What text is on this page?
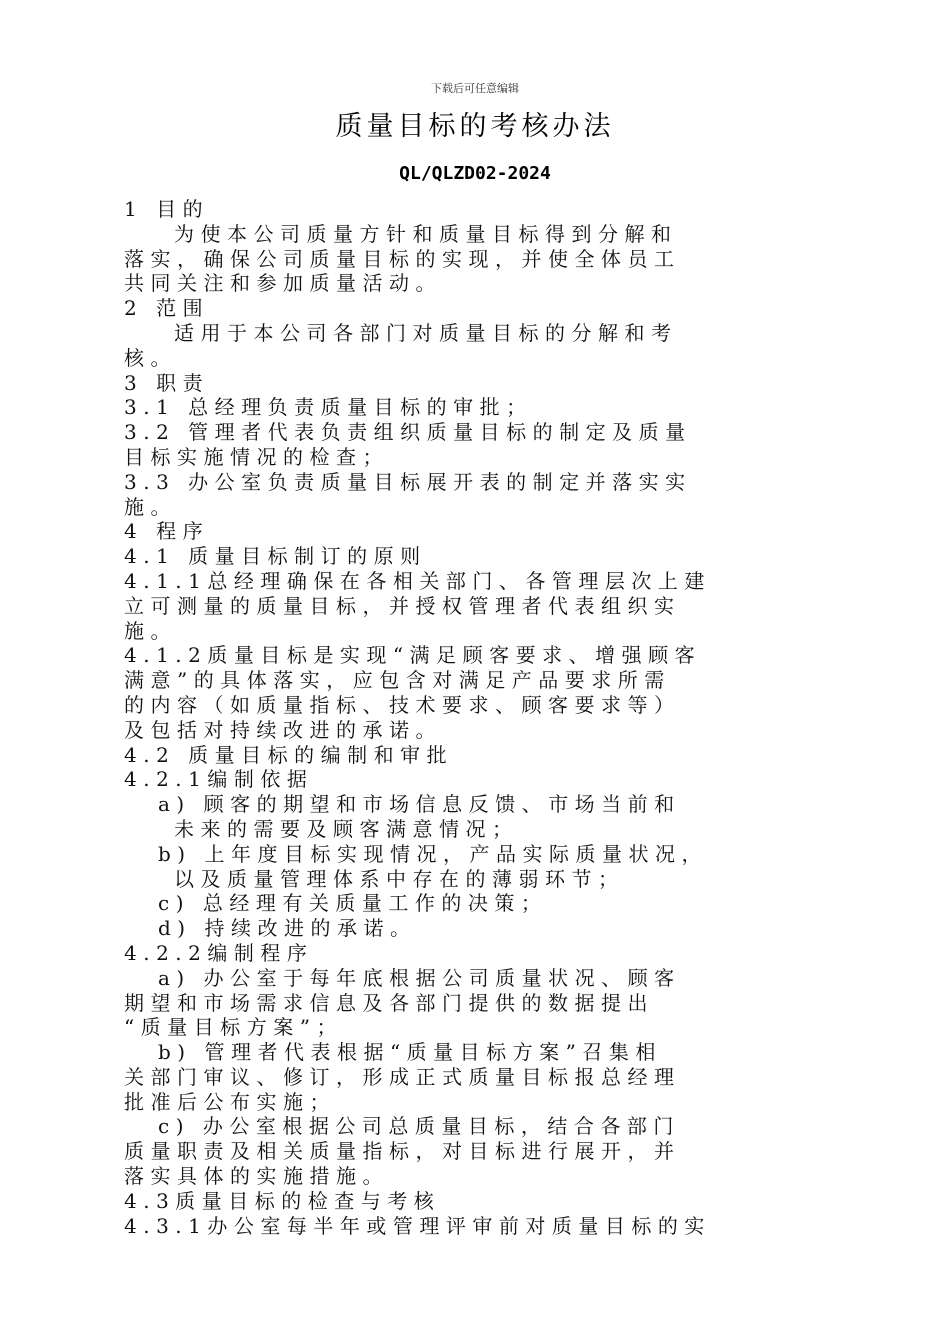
下载后可任意编辑
质量目标的考核办法
QL/QLZD02-2024
1 目的
为使本公司质量方针和质量目标得到分解和
落实，确保公司质量目标的实现，并使全体员工
共同关注和参加质量活动。
2 范围
适用于本公司各部门对质量目标的分解和考
核。
3 职责
3.1 总经理负责质量目标的审批；
3.2 管理者代表负责组织质量目标的制定及质量
目标实施情况的检查；
3.3 办公室负责质量目标展开表的制定并落实实
施。
4 程序
4.1 质量目标制订的原则
4.1.1总经理确保在各相关部门、各管理层次上建
立可测量的质量目标，并授权管理者代表组织实
施。
4.1.2质量目标是实现“满足顾客要求、增强顾客
满意”的具体落实，应包含对满足产品要求所需
的内容（如质量指标、技术要求、顾客要求等）
及包括对持续改进的承诺。
4.2 质量目标的编制和审批
4.2.1编制依据
a) 顾客的期望和市场信息反馈、市场当前和
未来的需要及顾客满意情况；
b) 上年度目标实现情况，产品实际质量状况，
以及质量管理体系中存在的薄弱环节；
c) 总经理有关质量工作的决策；
d) 持续改进的承诺。
4.2.2编制程序
a) 办公室于每年底根据公司质量状况、顾客
期望和市场需求信息及各部门提供的数据提出
“质量目标方案”；
b) 管理者代表根据“质量目标方案”召集相
关部门审议、修订，形成正式质量目标报总经理
批准后公布实施；
c) 办公室根据公司总质量目标，结合各部门
质量职责及相关质量指标，对目标进行展开，并
落实具体的实施措施。
4.3质量目标的检查与考核
4.3.1办公室每半年或管理评审前对质量目标的实
